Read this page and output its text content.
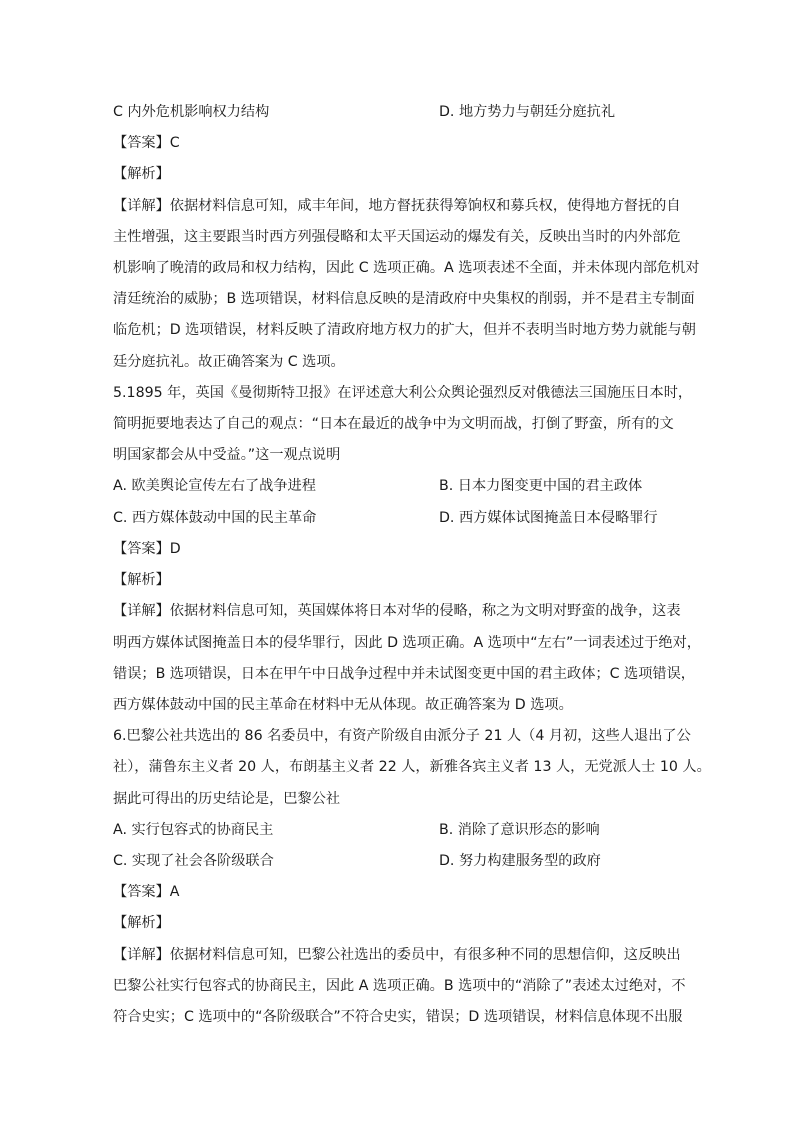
C 内外危机影响权力结构	D. 地方势力与朝廷分庭抗礼
【答案】C
【解析】
【详解】依据材料信息可知，咸丰年间，地方督抚获得筹饷权和募兵权，使得地方督抚的自
主性增强，这主要跟当时西方列强侵略和太平天国运动的爆发有关，反映出当时的内外部危
机影响了晚清的政局和权力结构，因此 C 选项正确。A 选项表述不全面，并未体现内部危机对
清廷统治的威胁；B 选项错误，材料信息反映的是清政府中央集权的削弱，并不是君主专制面
临危机；D 选项错误，材料反映了清政府地方权力的扩大，但并不表明当时地方势力就能与朝
廷分庭抗礼。故正确答案为 C 选项。
5.1895 年，英国《曼彻斯特卫报》在评述意大利公众舆论强烈反对俄德法三国施压日本时，
简明扼要地表达了自己的观点：“日本在最近的战争中为文明而战，打倒了野蛮，所有的文
明国家都会从中受益。”这一观点说明
A. 欧美舆论宣传左右了战争进程	B. 日本力图变更中国的君主政体
C. 西方媒体鼓动中国的民主革命	D. 西方媒体试图掩盖日本侵略罪行
【答案】D
【解析】
【详解】依据材料信息可知，英国媒体将日本对华的侵略，称之为文明对野蛮的战争，这表
明西方媒体试图掩盖日本的侵华罪行，因此 D 选项正确。A 选项中“左右”一词表述过于绝对，
错误；B 选项错误，日本在甲午中日战争过程中并未试图变更中国的君主政体；C 选项错误，
西方媒体鼓动中国的民主革命在材料中无从体现。故正确答案为 D 选项。
6.巴黎公社共选出的 86 名委员中，有资产阶级自由派分子 21 人（4 月初，这些人退出了公
社），蒲鲁东主义者 20 人，布朗基主义者 22 人，新雅各宾主义者 13 人，无党派人士 10 人。
据此可得出的历史结论是，巴黎公社
A. 实行包容式的协商民主	B. 消除了意识形态的影响
C. 实现了社会各阶级联合	D. 努力构建服务型的政府
【答案】A
【解析】
【详解】依据材料信息可知，巴黎公社选出的委员中，有很多种不同的思想信仰，这反映出
巴黎公社实行包容式的协商民主，因此 A 选项正确。B 选项中的“消除了”表述太过绝对，不
符合史实；C 选项中的“各阶级联合”不符合史实，错误；D 选项错误，材料信息体现不出服
